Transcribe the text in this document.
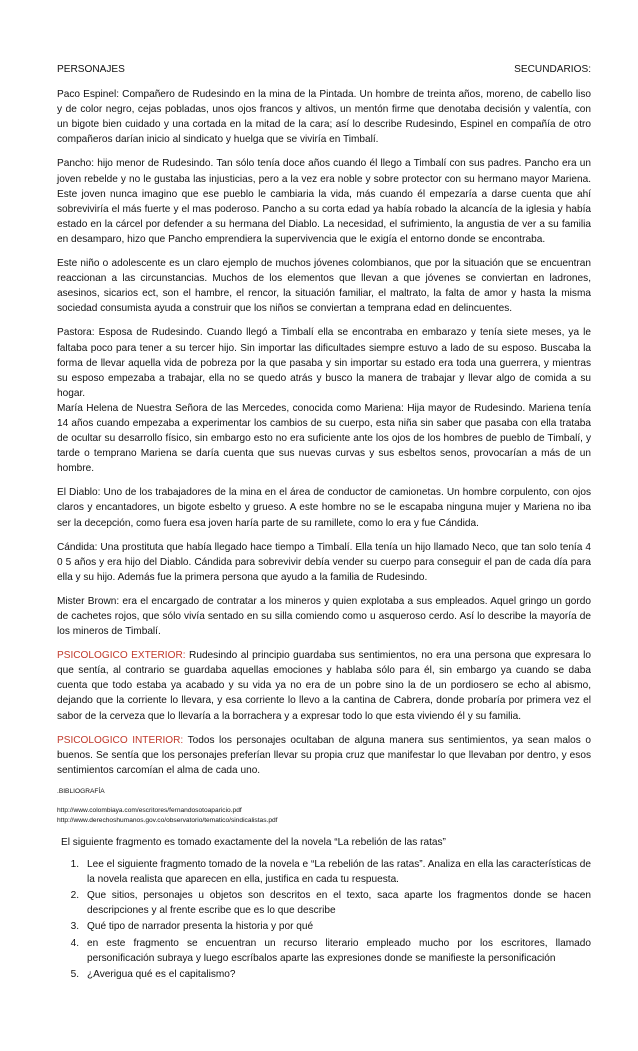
PERSONAJES	SECUNDARIOS:

Paco Espinel: Compañero de Rudesindo en la mina de la Pintada. Un hombre de treinta años, moreno, de cabello liso y de color negro, cejas pobladas, unos ojos francos y altivos, un mentón firme que denotaba decisión y valentía, con un bigote bien cuidado y una cortada en la mitad de la cara; así lo describe Rudesindo, Espinel en compañía de otro compañeros darían inicio al sindicato y huelga que se viviría en Timbalí.

Pancho: hijo menor de Rudesindo. Tan sólo tenía doce años cuando él llego a Timbalí con sus padres. Pancho era un joven rebelde y no le gustaba las injusticias, pero a la vez era noble y sobre protector con su hermano mayor Mariena. Este joven nunca imagino que ese pueblo le cambiaria la vida, más cuando él empezaría a darse cuenta que ahí sobreviviría el más fuerte y el mas poderoso. Pancho a su corta edad ya había robado la alcancía de la iglesia y había estado en la cárcel por defender a su hermana del Diablo. La necesidad, el sufrimiento, la angustia de ver a su familia en desamparo, hizo que Pancho emprendiera la supervivencia que le exigía el entorno donde se encontraba.

Este niño o adolescente es un claro ejemplo de muchos jóvenes colombianos, que por la situación que se encuentran reaccionan a las circunstancias. Muchos de los elementos que llevan a que jóvenes se conviertan en ladrones, asesinos, sicarios ect, son el hambre, el rencor, la situación familiar, el maltrato, la falta de amor y hasta la misma sociedad consumista ayuda a construir que los niños se conviertan a temprana edad en delincuentes.

Pastora: Esposa de Rudesindo. Cuando llegó a Timbalí ella se encontraba en embarazo y tenía siete meses, ya le faltaba poco para tener a su tercer hijo. Sin importar las dificultades siempre estuvo a lado de su esposo. Buscaba la forma de llevar aquella vida de pobreza por la que pasaba y sin importar su estado era toda una guerrera, y mientras su esposo empezaba a trabajar, ella no se quedo atrás y busco la manera de trabajar y llevar algo de comida a su hogar.

María Helena de Nuestra Señora de las Mercedes, conocida como Mariena: Hija mayor de Rudesindo. Mariena tenía 14 años cuando empezaba a experimentar los cambios de su cuerpo, esta niña sin saber que pasaba con ella trataba de ocultar su desarrollo físico, sin embargo esto no era suficiente ante los ojos de los hombres de pueblo de Timbalí, y tarde o temprano Mariena se daría cuenta que sus nuevas curvas y sus esbeltos senos, provocarían a más de un hombre.

El Diablo: Uno de los trabajadores de la mina en el área de conductor de camionetas. Un hombre corpulento, con ojos claros y encantadores, un bigote esbelto y grueso. A este hombre no se le escapaba ninguna mujer y Mariena no iba ser la decepción, como fuera esa joven haría parte de su ramillete, como lo era y fue Cándida.

Cándida: Una prostituta que había llegado hace tiempo a Timbalí. Ella tenía un hijo llamado Neco, que tan solo tenía 4 0 5 años y era hijo del Diablo. Cándida para sobrevivir debía vender su cuerpo para conseguir el pan de cada día para ella y su hijo. Además fue la primera persona que ayudo a la familia de Rudesindo.

Mister Brown: era el encargado de contratar a los mineros y quien explotaba a sus empleados. Aquel gringo un gordo de cachetes rojos, que sólo vivía sentado en su silla comiendo como u asqueroso cerdo. Así lo describe la mayoría de los mineros de Timbalí.

PSICOLOGICO EXTERIOR: Rudesindo al principio guardaba sus sentimientos, no era una persona que expresara lo que sentía, al contrario se guardaba aquellas emociones y hablaba sólo para él, sin embargo ya cuando se daba cuenta que todo estaba ya acabado y su vida ya no era de un pobre sino la de un pordiosero se echo al abismo, dejando que la corriente lo llevara, y esa corriente lo llevo a la cantina de Cabrera, donde probaría por primera vez el sabor de la cerveza que lo llevaría a la borrachera y a expresar todo lo que esta viviendo él y su familia.

PSICOLOGICO INTERIOR: Todos los personajes ocultaban de alguna manera sus sentimientos, ya sean malos o buenos. Se sentía que los personajes preferían llevar su propia cruz que manifestar lo que llevaban por dentro, y esos sentimientos carcomían el alma de cada uno.

.BIBLIOGRAFÍA
http://www.colombiaya.com/escritores/fernandosotoaparicio.pdf
http://www.derechoshumanos.gov.co/observatorio/tematico/sindicalistas.pdf
El siguiente fragmento es tomado exactamente del la novela “La rebelión de las ratas”
1. Lee el siguiente fragmento tomado de la novela e “La rebelión de las ratas”. Analiza en ella las características de la novela realista que aparecen en ella, justifica en cada tu respuesta.
2. Que sitios, personajes u objetos son descritos en el texto, saca aparte los fragmentos donde se hacen descripciones y al frente escribe que es lo que describe
3. Qué tipo de narrador presenta la historia y por qué
4. en este fragmento se encuentran un recurso literario empleado mucho por los escritores, llamado personificación subraya y luego escríbalos aparte las expresiones donde se manifieste la personificación
5. ¿Averigua qué es el capitalismo?
